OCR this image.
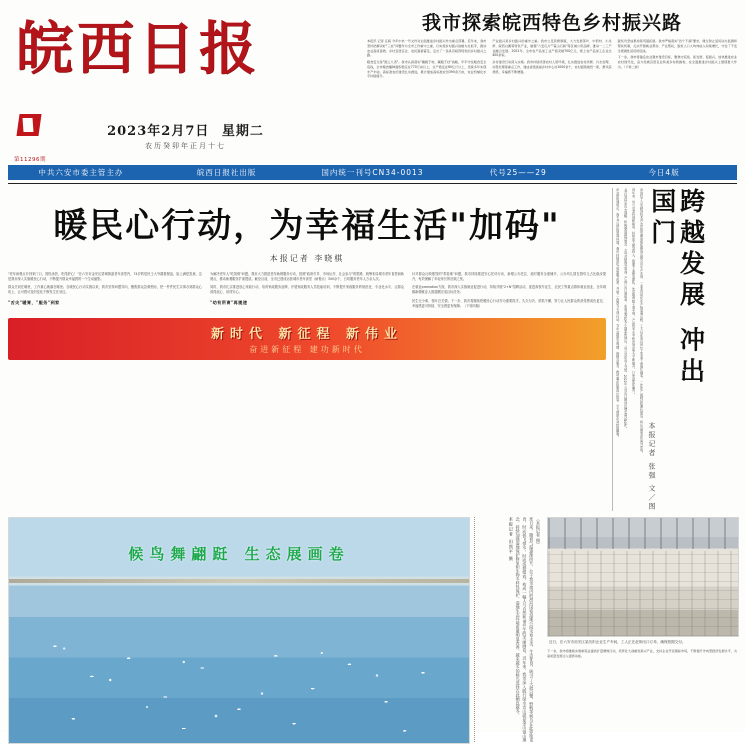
皖西日报	我市探索皖西特色乡村振兴路

本报讯 记者 汪娟 今年中央一号文件对全面推进乡村振兴作出重点部署。近年来，我市坚持把解决好"三农"问题作为全市工作重中之重，以实施乡村振兴战略为总抓手，推动农业高质高效、乡村宜居宜业、农民富裕富足，走出了一条具有皖西特色的乡村振兴之路。

粮食安全是"国之大者"。我市认真落实"藏粮于地、藏粮于技"战略，牢牢守住粮食安全底线，全市粮食播种面积稳定在770万亩以上，总产稳定在60亿斤以上，连续多年实现丰产丰收。高标准农田建设扎实推进，累计建成高标准农田390余万亩，农业机械化水平持续提升。

产业振兴是乡村振兴的重中之重。我市立足资源禀赋，大力发展茶叶、中药材、小龙虾、皖西白鹅等特色产业，做强"六安瓜片""霍山石斛"等区域公用品牌，推动一二三产业融合发展。2022年，全市农产品加工业产值突破700亿元，规上农产品加工企业达400余家。

乡村建设行动深入实施。我市持续改善农村人居环境，扎实推进农村改厕、污水治理、垃圾处理等重点工作，建成省级美丽乡村中心村1000余个，农村面貌焕然一新，群众获得感、幸福感不断增强。

脱贫攻坚成果持续巩固拓展。我市严格落实"四个不摘"要求，健全防止返贫动态监测和帮扶机制，扎实开展就业帮扶、产业帮扶，脱贫人口人均纯收入持续增长，守住了不发生规模性返贫的底线。

下一步，我市将锚定农业强市建设目标，聚焦守底线、抓发展、促振兴，加快推进农业农村现代化，奋力绘就宜居宜业和美乡村新画卷，在全面推进乡村振兴上展现更大作为。（下转二版）

2023年2月7日 星期二
农历癸卯年正月十七
第11296期
中共六安市委主管主办	皖西日报社出版	国内统一刊号CN34-0013	代号25——29	今日4版
暖民心行动，为幸福生活"加码"
本报记者 李晓棋

"老年助餐点开到家门口，饭热汤热，吃得舒心！"在六安市金安区望城街道老年食堂内，74岁的居民王大爷端着餐盘，脸上满是笑意。这是我市深入实施暖民心行动，不断提升群众幸福感的一个生动缩影。

群众关切在哪里，工作重心就落在哪里。自暖民心行动实施以来，我市坚持问题导向，聚焦群众急难愁盼，把一件件民生实事办到群众心坎上，让可感可及的变化不断发生在身边。

"舌尖"暖胃，"服务"到家

为解决老年人"吃饭难"问题，我市大力推进老年助餐服务行动，按照"政府引导、市场运作、社会参与"的思路，统筹布局城市老年食堂和助餐点，推动助餐服务扩面提质。截至目前，全市已建成运营城市老年食堂（助餐点）300余个，日均服务老年人万余人次。

同时，我市扎实推进放心家政行动，培育家政服务品牌，开展家政服务人员技能培训，不断提升家政服务的规范化、专业化水平，让群众请得放心、用得安心。

"幼有所育"再提速

针对群众反映强烈的"带娃难"问题，我市持续推进安心托幼行动，新增公办托位、延时服务全面铺开，公办幼儿园在园幼儿占比稳步提升，有效缓解了年轻家长的后顾之忧。

在就业promotion方面，我市深入实施就业促进行动，持续开展"2+N"招聘活动，促进高校毕业生、农民工等重点群体就业创业，全年城镇新增就业人数超额完成目标任务。

民生无小事，枝叶总关情。下一步，我市将继续把暖民心行动作为重要抓手，久久为功、常抓不懈，努力让人民群众的获得感成色更足、幸福感更可持续、安全感更有保障。（下转四版）

新时代 新征程 新伟业
奋进新征程 建功新时代	跨越发展 冲出国门
本报记者 张强 文／图

走进位于六安经济技术开发区的安徽某智能制造有限公司生产车间，一条条自动化生产线高速运转，工人们在各自岗位上有条不紊地忙碌着，一件件产品经过检测包装后，将从这里发往海外市场。

近年来，该公司坚持创新驱动，持续加大研发投入，组建专业研发团队，先后取得数十项专利，产品技术水平和市场竞争力不断提升，订单量连年攀升。

"我们坚持走出去战略，积极参加国际展会，主动对接海外客商，产品已出口到欧美、东南亚等30多个国家和地区。"该公司负责人介绍，2022年公司出口额同比增长超过40%。

企业的快速成长，离不开良好的营商环境。我市持续深化"放管服"改革，开展"一改两为"专项行动，为企业提供全周期、保姆式服务，推动惠企政策直达快享，全力帮助企业纾困解难。

候鸟舞翩跹 生态展画卷
（本报记者 摄）
连日来，随着气温逐渐回升，位于我市境内的淠河国家湿地公园水草丰美、生态优良，吸引了大批白鹭、野鸭等候鸟在此停歇觅食，时而低飞掠水，时而成群嬉戏，构成一幅人与自然和谐共生的美丽画卷。近年来，我市深入践行绿水青山就是金山银山理念，持续加强湿地保护修复和生物多样性保护，湿地生态环境质量明显改善，越来越多的候鸟选择在此栖息越冬。
本报记者 田凯平 摄
近日，在六安市裕安区某纺织企业生产车间，工人正在赶制出口订单，确保按期交付。

下一步，我市将继续实施制造业提质扩量增效行动，培育壮大战略性新兴产业，支持企业开拓国际市场，不断提升外向型经济发展水平，为高质量发展注入强劲动能。
